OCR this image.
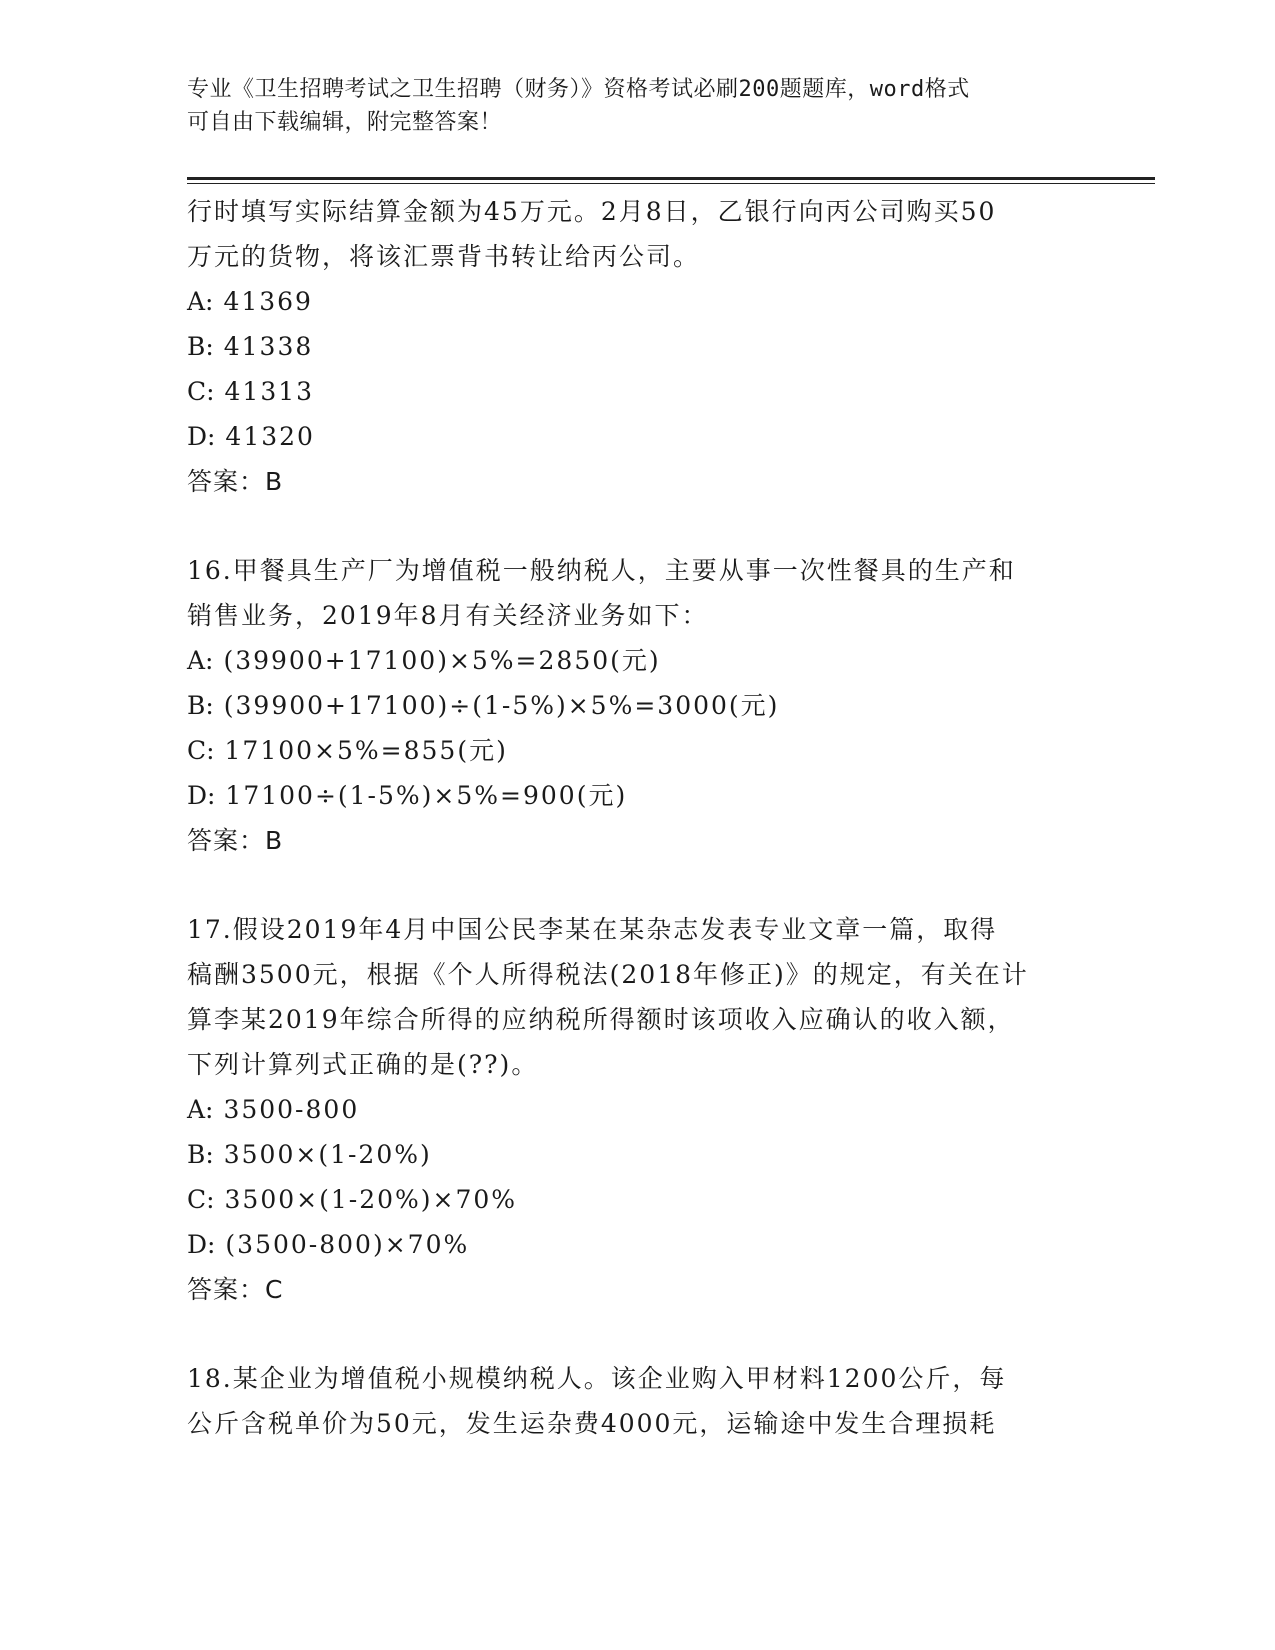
专业《卫生招聘考试之卫生招聘（财务）》资格考试必刷200题题库，word格式
可自由下载编辑，附完整答案！
行时填写实际结算金额为45万元。2月8日，乙银行向丙公司购买50
万元的货物，将该汇票背书转让给丙公司。
A: 41369
B: 41338
C: 41313
D: 41320
答案：B
16.甲餐具生产厂为增值税一般纳税人，主要从事一次性餐具的生产和
销售业务，2019年8月有关经济业务如下：
A: (39900+17100)×5%=2850(元)
B: (39900+17100)÷(1-5%)×5%=3000(元)
C: 17100×5%=855(元)
D: 17100÷(1-5%)×5%=900(元)
答案：B
17.假设2019年4月中国公民李某在某杂志发表专业文章一篇，取得
稿酬3500元，根据《个人所得税法(2018年修正)》的规定，有关在计
算李某2019年综合所得的应纳税所得额时该项收入应确认的收入额，
下列计算列式正确的是(??)。
A: 3500-800
B: 3500×(1-20%)
C: 3500×(1-20%)×70%
D: (3500-800)×70%
答案：C
18.某企业为增值税小规模纳税人。该企业购入甲材料1200公斤，每
公斤含税单价为50元，发生运杂费4000元，运输途中发生合理损耗
